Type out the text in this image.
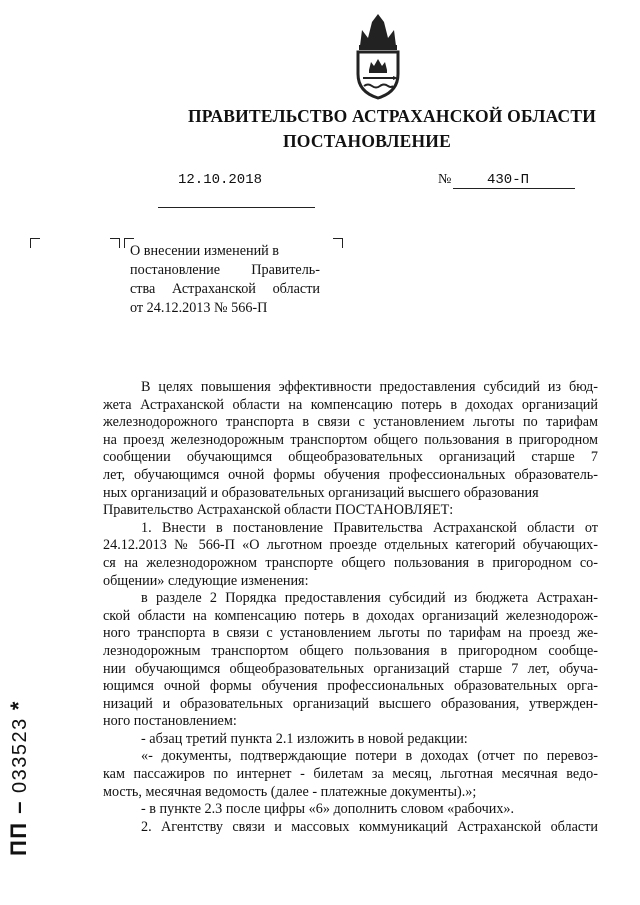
ПРАВИТЕЛЬСТВО АСТРАХАНСКОЙ ОБЛАСТИ
ПОСТАНОВЛЕНИЕ
12.10.2018	№	430-П
О внесении изменений в
постановление Правитель-
ства Астраханской области
от 24.12.2013 № 566-П
В целях повышения эффективности предоставления субсидий из бюд-
жета Астраханской области на компенсацию потерь в доходах организаций
железнодорожного транспорта в связи с установлением льготы по тарифам
на проезд железнодорожным транспортом общего пользования в пригородном
сообщении обучающимся общеобразовательных организаций старше 7
лет, обучающимся очной формы обучения профессиональных образователь-
ных организаций и образовательных организаций высшего образования
Правительство Астраханской области ПОСТАНОВЛЯЕТ:
1. Внести в постановление Правительства Астраханской области от
24.12.2013 № 566-П «О льготном проезде отдельных категорий обучающих-
ся на железнодорожном транспорте общего пользования в пригородном со-
общении» следующие изменения:
в разделе 2 Порядка предоставления субсидий из бюджета Астрахан-
ской области на компенсацию потерь в доходах организаций железнодорож-
ного транспорта в связи с установлением льготы по тарифам на проезд же-
лезнодорожным транспортом общего пользования в пригородном сообще-
нии обучающимся общеобразовательных организаций старше 7 лет, обуча-
ющимся очной формы обучения профессиональных образовательных орга-
низаций и образовательных организаций высшего образования, утвержден-
ного постановлением:
- абзац третий пункта 2.1 изложить в новой редакции:
«- документы, подтверждающие потери в доходах (отчет по перевоз-
кам пассажиров по интернет - билетам за месяц, льготная месячная ведо-
мость, месячная ведомость (далее - платежные документы).»;
- в пункте 2.3 после цифры «6» дополнить словом «рабочих».
2. Агентству связи и массовых коммуникаций Астраханской области
ПП – 033523 *
